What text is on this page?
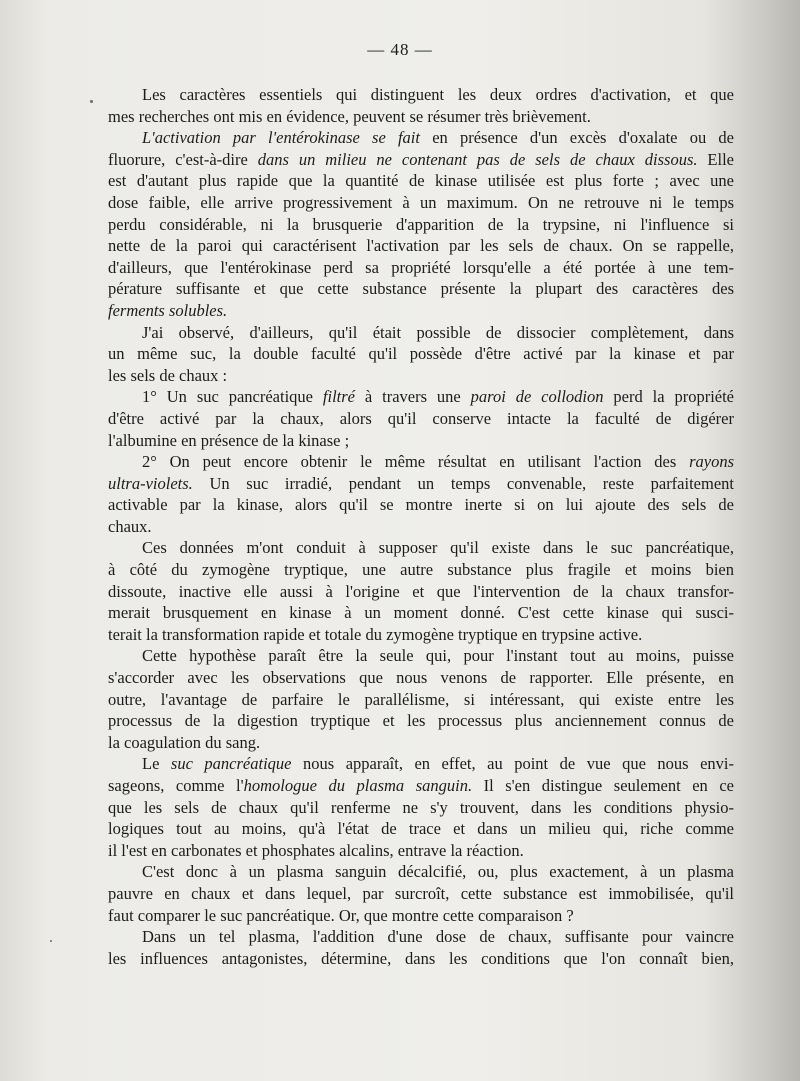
— 48 —

Les caractères essentiels qui distinguent les deux ordres d'activation, et que

mes recherches ont mis en évidence, peuvent se résumer très brièvement.

L'activation par l'entérokinase se fait en présence d'un excès d'oxalate ou de

fluorure, c'est-à-dire dans un milieu ne contenant pas de sels de chaux dissous. Elle

est d'autant plus rapide que la quantité de kinase utilisée est plus forte ; avec une

dose faible, elle arrive progressivement à un maximum. On ne retrouve ni le temps

perdu considérable, ni la brusquerie d'apparition de la trypsine, ni l'influence si

nette de la paroi qui caractérisent l'activation par les sels de chaux. On se rappelle,

d'ailleurs, que l'entérokinase perd sa propriété lorsqu'elle a été portée à une tem-

pérature suffisante et que cette substance présente la plupart des caractères des

ferments solubles.

J'ai observé, d'ailleurs, qu'il était possible de dissocier complètement, dans

un même suc, la double faculté qu'il possède d'être activé par la kinase et par

les sels de chaux :

1° Un suc pancréatique filtré à travers une paroi de collodion perd la propriété

d'être activé par la chaux, alors qu'il conserve intacte la faculté de digérer

l'albumine en présence de la kinase ;

2° On peut encore obtenir le même résultat en utilisant l'action des rayons

ultra-violets. Un suc irradié, pendant un temps convenable, reste parfaitement

activable par la kinase, alors qu'il se montre inerte si on lui ajoute des sels de

chaux.

Ces données m'ont conduit à supposer qu'il existe dans le suc pancréatique,

à côté du zymogène tryptique, une autre substance plus fragile et moins bien

dissoute, inactive elle aussi à l'origine et que l'intervention de la chaux transfor-

merait brusquement en kinase à un moment donné. C'est cette kinase qui susci-

terait la transformation rapide et totale du zymogène tryptique en trypsine active.

Cette hypothèse paraît être la seule qui, pour l'instant tout au moins, puisse

s'accorder avec les observations que nous venons de rapporter. Elle présente, en

outre, l'avantage de parfaire le parallélisme, si intéressant, qui existe entre les

processus de la digestion tryptique et les processus plus anciennement connus de

la coagulation du sang.

Le suc pancréatique nous apparaît, en effet, au point de vue que nous envi-

sageons, comme l'homologue du plasma sanguin. Il s'en distingue seulement en ce

que les sels de chaux qu'il renferme ne s'y trouvent, dans les conditions physio-

logiques tout au moins, qu'à l'état de trace et dans un milieu qui, riche comme

il l'est en carbonates et phosphates alcalins, entrave la réaction.

C'est donc à un plasma sanguin décalcifié, ou, plus exactement, à un plasma

pauvre en chaux et dans lequel, par surcroît, cette substance est immobilisée, qu'il

faut comparer le suc pancréatique. Or, que montre cette comparaison ?

Dans un tel plasma, l'addition d'une dose de chaux, suffisante pour vaincre

les influences antagonistes, détermine, dans les conditions que l'on connaît bien,
